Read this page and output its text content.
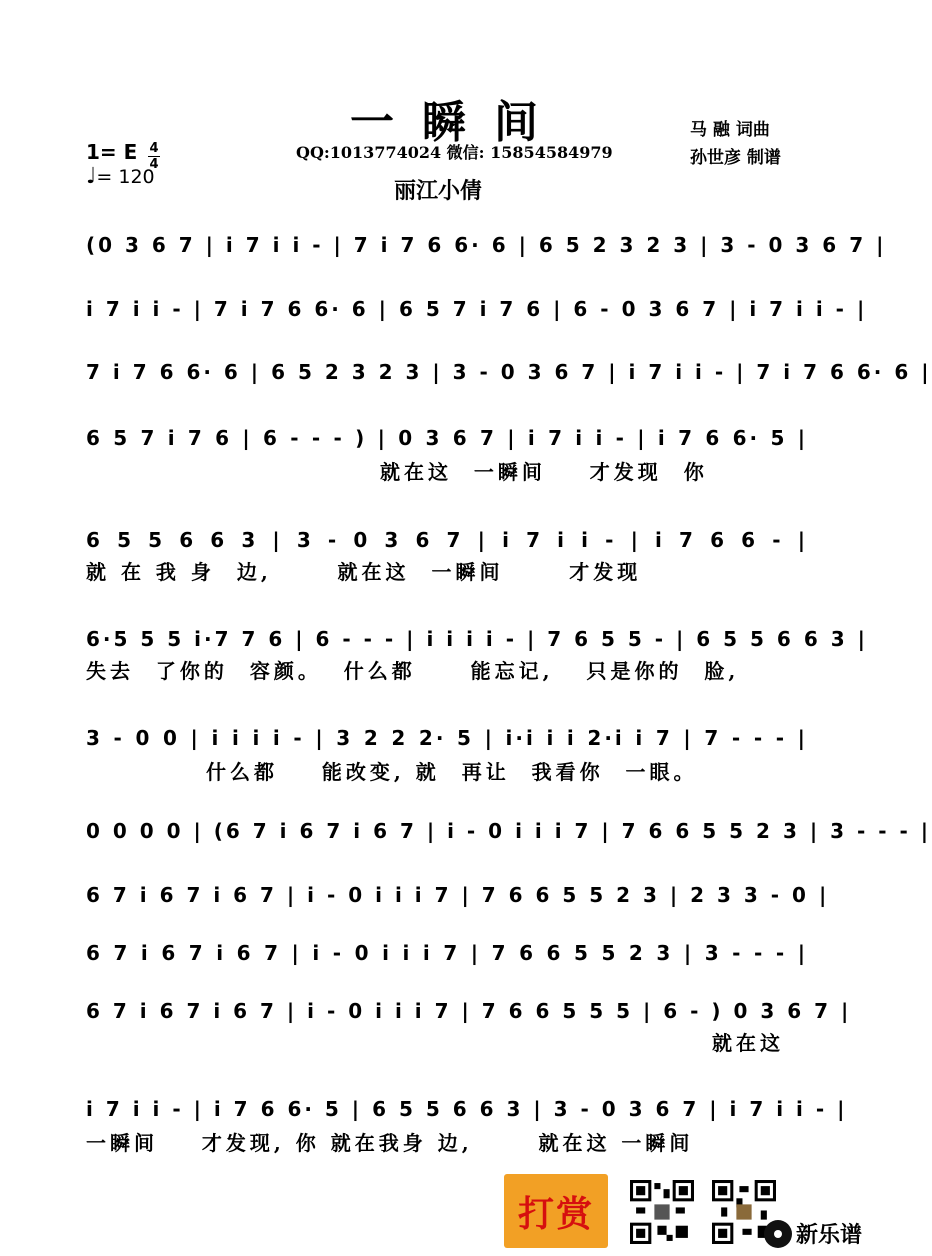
一瞬间	马 融 词曲
孙世彦 制谱
QQ:1013774024 微信: 15854584979
丽江小倩
1= E 4
4
♩= 120
(0 3 6 7 | i 7 i i - | 7 i 7 6 6· 6 | 6 5 2 3 2 3 | 3 - 0 3 6 7 |
i 7 i i - | 7 i 7 6 6· 6 | 6 5 7 i 7 6 | 6 - 0 3 6 7 | i 7 i i - |
7 i 7 6 6· 6 | 6 5 2 3 2 3 | 3 - 0 3 6 7 | i 7 i i - | 7 i 7 6 6· 6 |
6 5 7 i 7 6 | 6 - - - ) | 0 3 6 7 | i 7 i i - | i 7 6 6· 5 |
就在这  一瞬间    才发现  你
6 5 5 6 6 3 | 3 - 0 3 6 7 | i 7 i i - | i 7 6 6 - |
就 在 我 身  边,      就在这  一瞬间      才发现
6·5 5 5 i·7 7 6 | 6 - - - | i i i i - | 7 6 5 5 - | 6 5 5 6 6 3 |
失去  了你的  容颜。  什么都     能忘记,   只是你的  脸,
3 - 0 0 | i i i i - | 3 2 2 2· 5 | i·i i i 2·i i 7 | 7 - - - |
什么都    能改变, 就  再让  我看你  一眼。
0 0 0 0 | (6 7 i 6 7 i 6 7 | i - 0 i i i 7 | 7 6 6 5 5 2 3 | 3 - - - |
6 7 i 6 7 i 6 7 | i - 0 i i i 7 | 7 6 6 5 5 2 3 | 2 3 3 - 0 |
6 7 i 6 7 i 6 7 | i - 0 i i i 7 | 7 6 6 5 5 2 3 | 3 - - - |
6 7 i 6 7 i 6 7 | i - 0 i i i 7 | 7 6 6 5 5 5 | 6 - ) 0 3 6 7 |
就在这
i 7 i i - | i 7 6 6· 5 | 6 5 5 6 6 3 | 3 - 0 3 6 7 | i 7 i i - |
一瞬间    才发现, 你 就在我身 边,      就在这 一瞬间
打赏
新乐谱
